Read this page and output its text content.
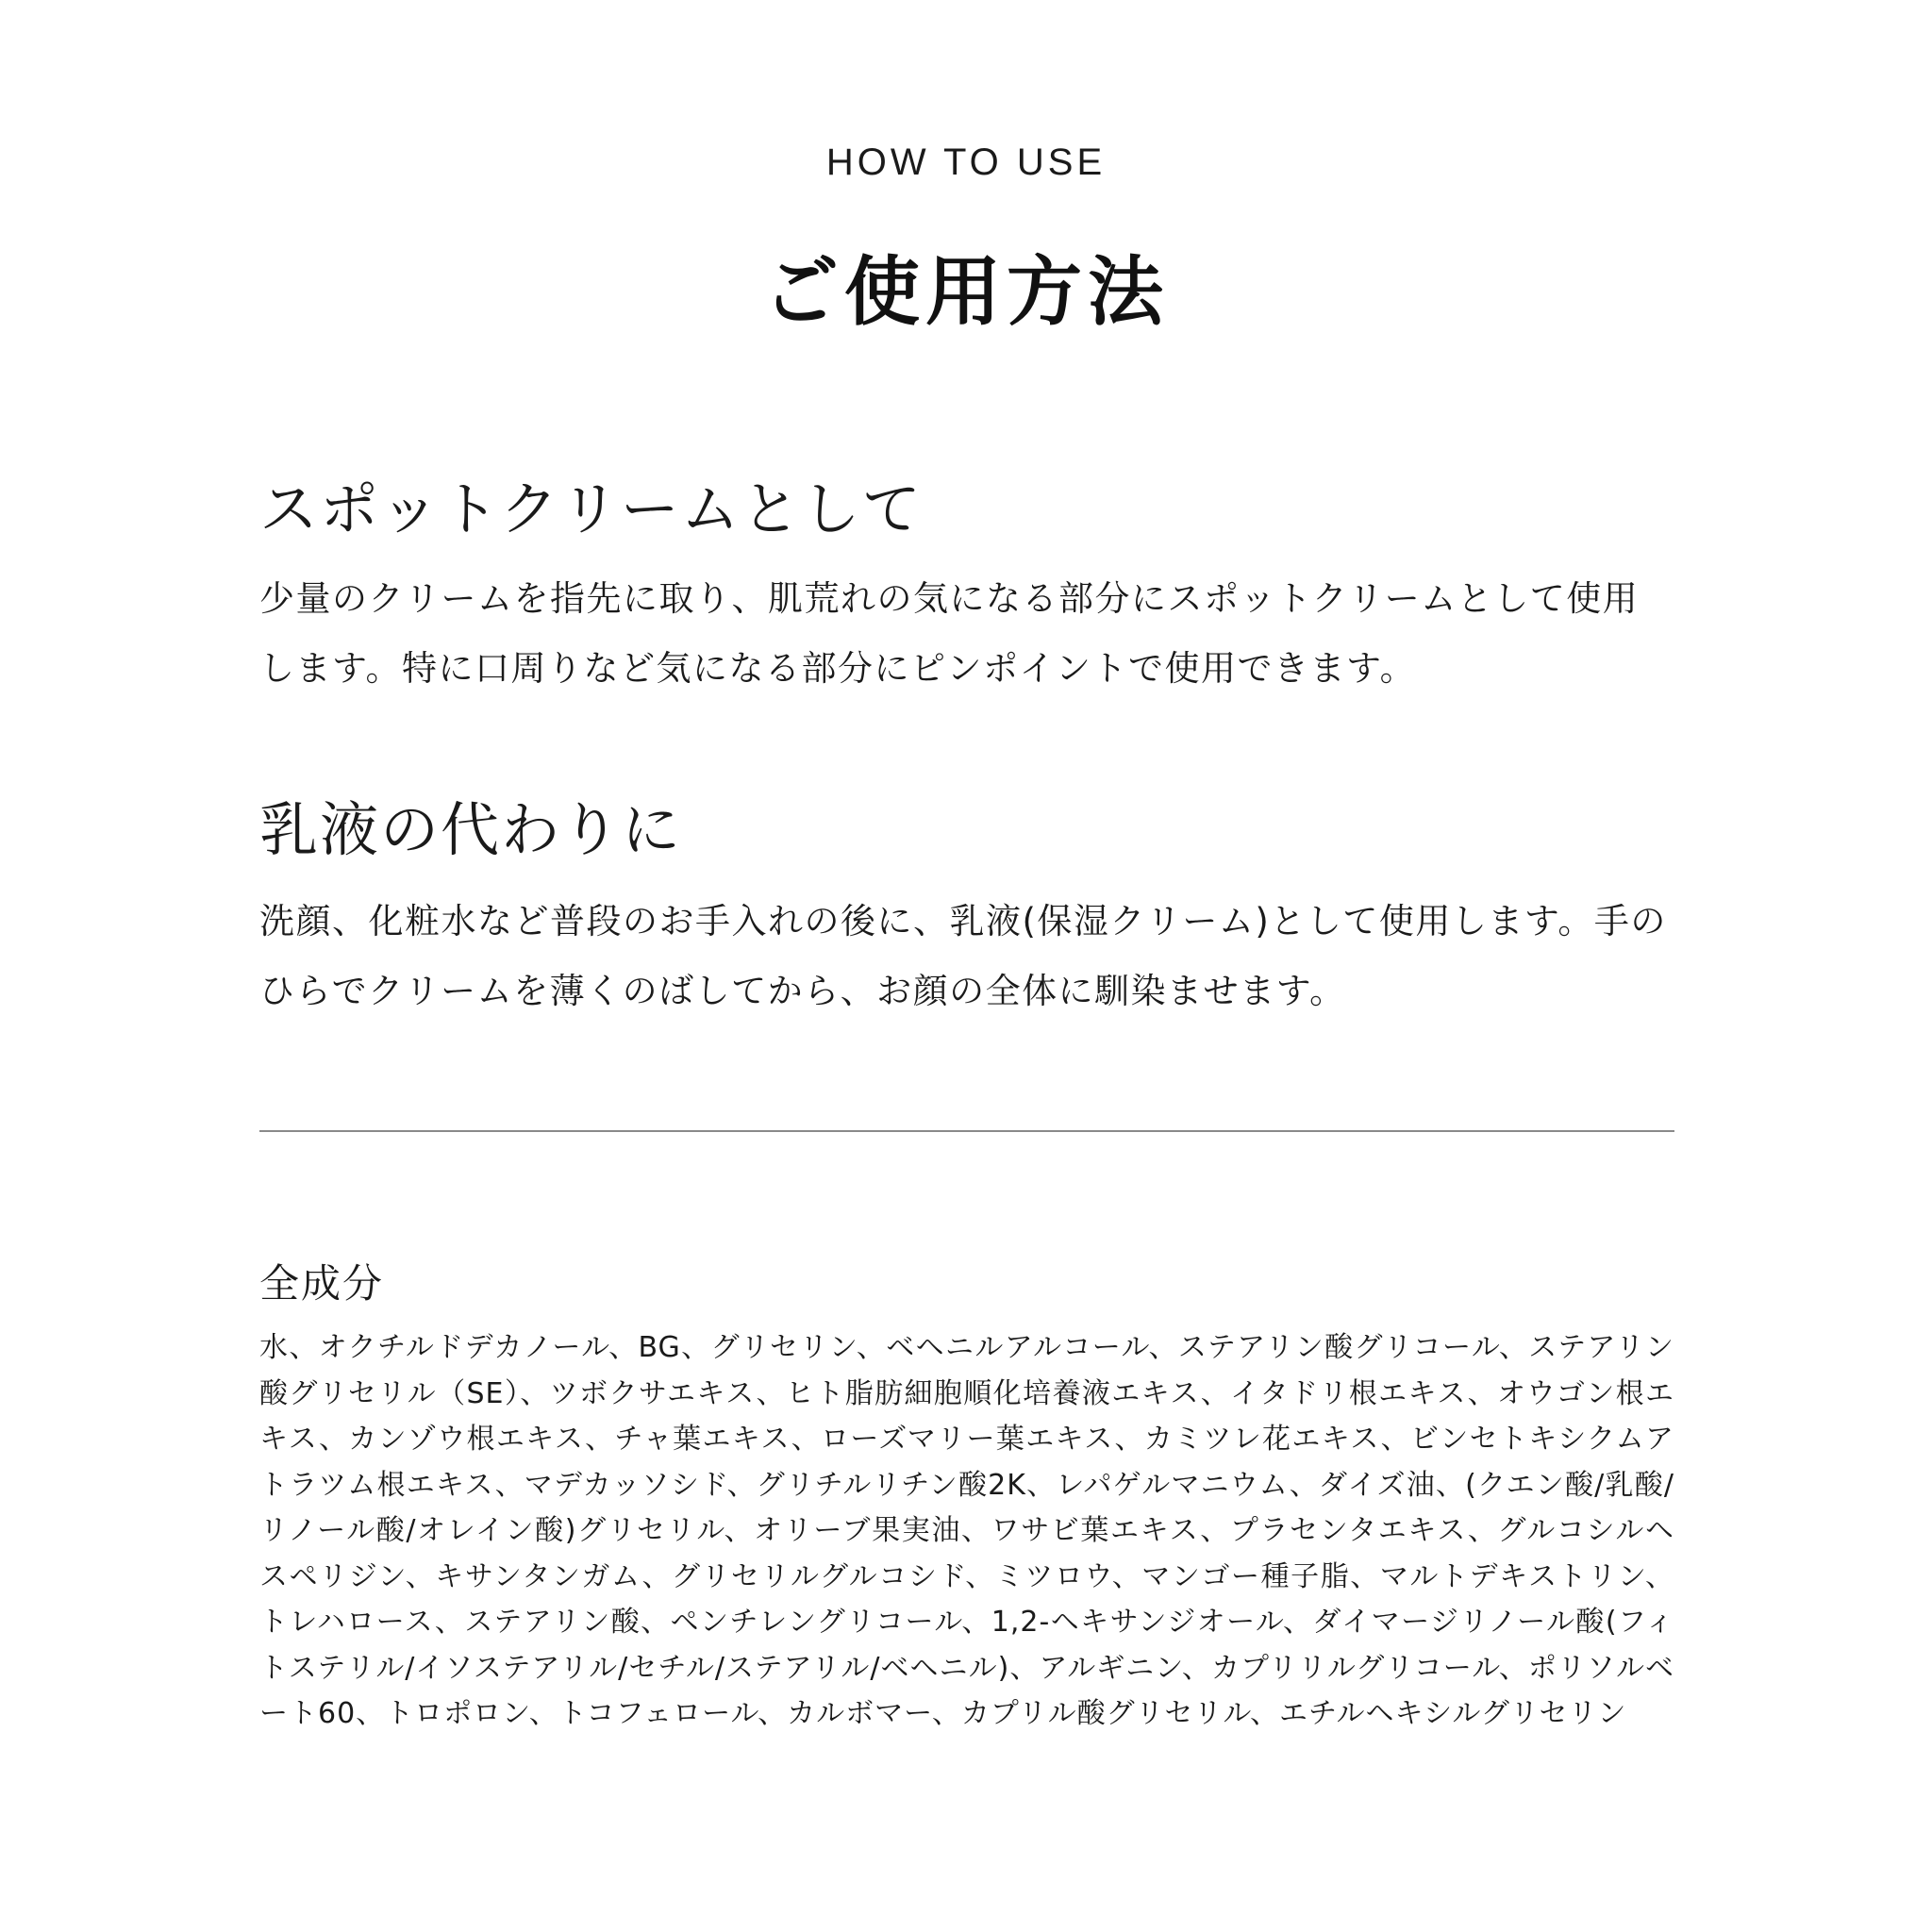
HOW TO USE
ご使用方法
スポットクリームとして

少量のクリームを指先に取り、肌荒れの気になる部分にスポットクリームとして使用します。特に口周りなど気になる部分にピンポイントで使用できます。

乳液の代わりに

洗顔、化粧水など普段のお手入れの後に、乳液(保湿クリーム)として使用します。手のひらでクリームを薄くのばしてから、お顔の全体に馴染ませます。

全成分

水、オクチルドデカノール、BG、グリセリン、ベヘニルアルコール、ステアリン酸グリコール、ステアリン酸グリセリル（SE）、ツボクサエキス、ヒト脂肪細胞順化培養液エキス、イタドリ根エキス、オウゴン根エキス、カンゾウ根エキス、チャ葉エキス、ローズマリー葉エキス、カミツレ花エキス、ビンセトキシクムアトラツム根エキス、マデカッソシド、グリチルリチン酸2K、レパゲルマニウム、ダイズ油、(クエン酸/乳酸/リノール酸/オレイン酸)グリセリル、オリーブ果実油、ワサビ葉エキス、プラセンタエキス、グルコシルヘスペリジン、キサンタンガム、グリセリルグルコシド、ミツロウ、マンゴー種子脂、マルトデキストリン、トレハロース、ステアリン酸、ペンチレングリコール、1,2-ヘキサンジオール、ダイマージリノール酸(フィトステリル/イソステアリル/セチル/ステアリル/ベヘニル)、アルギニン、カプリリルグリコール、ポリソルベート60、トロポロン、トコフェロール、カルボマー、カプリル酸グリセリル、エチルヘキシルグリセリン
